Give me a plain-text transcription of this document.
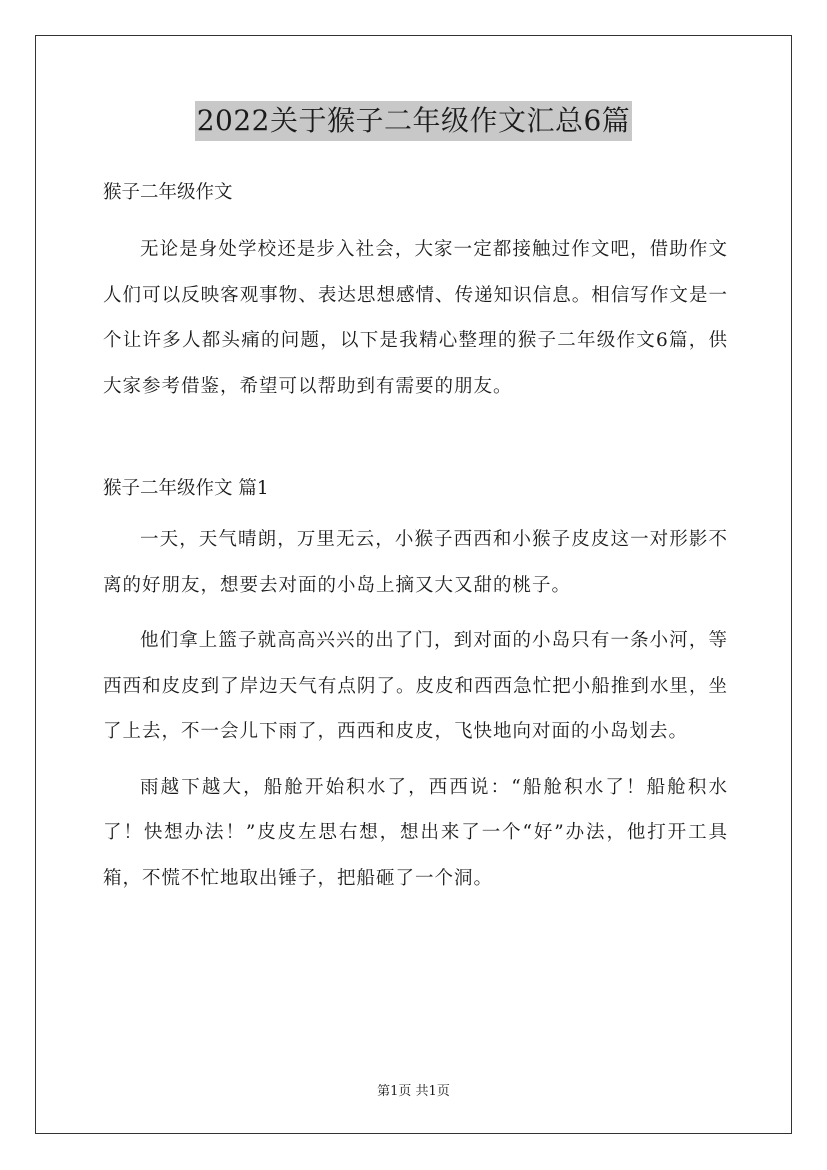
2022关于猴子二年级作文汇总6篇
猴子二年级作文

无论是身处学校还是步入社会，大家一定都接触过作文吧，借助作文人们可以反映客观事物、表达思想感情、传递知识信息。相信写作文是一个让许多人都头痛的问题，以下是我精心整理的猴子二年级作文6篇，供大家参考借鉴，希望可以帮助到有需要的朋友。

猴子二年级作文 篇1

一天，天气晴朗，万里无云，小猴子西西和小猴子皮皮这一对形影不离的好朋友，想要去对面的小岛上摘又大又甜的桃子。

他们拿上篮子就高高兴兴的出了门，到对面的小岛只有一条小河，等西西和皮皮到了岸边天气有点阴了。皮皮和西西急忙把小船推到水里，坐了上去，不一会儿下雨了，西西和皮皮，飞快地向对面的小岛划去。

雨越下越大，船舱开始积水了，西西说：“船舱积水了！船舱积水了！快想办法！”皮皮左思右想，想出来了一个“好”办法，他打开工具箱，不慌不忙地取出锤子，把船砸了一个洞。

第1页 共1页
